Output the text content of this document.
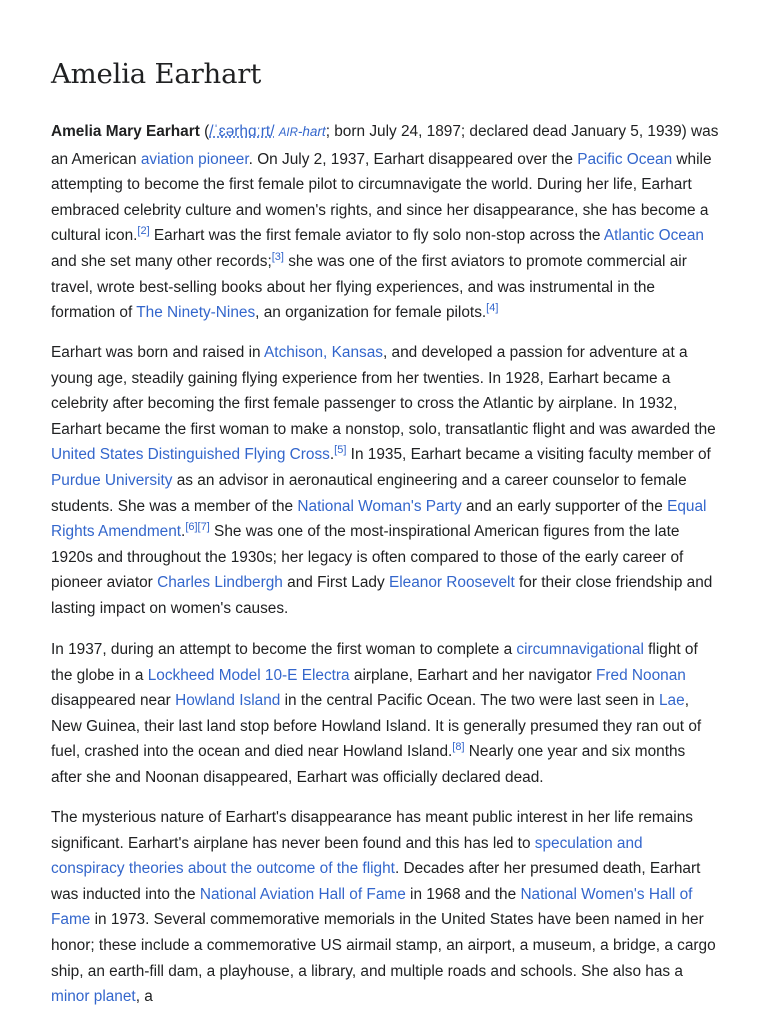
Amelia Earhart

Amelia Mary Earhart (/ˈɛərhɑːrt/ AIR-hart; born July 24, 1897; declared dead January 5, 1939) was an American aviation pioneer. On July 2, 1937, Earhart disappeared over the Pacific Ocean while attempting to become the first female pilot to circumnavigate the world. During her life, Earhart embraced celebrity culture and women's rights, and since her disappearance, she has become a cultural icon.[2] Earhart was the first female aviator to fly solo non-stop across the Atlantic Ocean and she set many other records;[3] she was one of the first aviators to promote commercial air travel, wrote best-selling books about her flying experiences, and was instrumental in the formation of The Ninety-Nines, an organization for female pilots.[4]

Earhart was born and raised in Atchison, Kansas, and developed a passion for adventure at a young age, steadily gaining flying experience from her twenties. In 1928, Earhart became a celebrity after becoming the first female passenger to cross the Atlantic by airplane. In 1932, Earhart became the first woman to make a nonstop, solo, transatlantic flight and was awarded the United States Distinguished Flying Cross.[5] In 1935, Earhart became a visiting faculty member of Purdue University as an advisor in aeronautical engineering and a career counselor to female students. She was a member of the National Woman's Party and an early supporter of the Equal Rights Amendment.[6][7] She was one of the most-inspirational American figures from the late 1920s and throughout the 1930s; her legacy is often compared to those of the early career of pioneer aviator Charles Lindbergh and First Lady Eleanor Roosevelt for their close friendship and lasting impact on women's causes.

In 1937, during an attempt to become the first woman to complete a circumnavigational flight of the globe in a Lockheed Model 10-E Electra airplane, Earhart and her navigator Fred Noonan disappeared near Howland Island in the central Pacific Ocean. The two were last seen in Lae, New Guinea, their last land stop before Howland Island. It is generally presumed they ran out of fuel, crashed into the ocean and died near Howland Island.[8] Nearly one year and six months after she and Noonan disappeared, Earhart was officially declared dead.

The mysterious nature of Earhart's disappearance has meant public interest in her life remains significant. Earhart's airplane has never been found and this has led to speculation and conspiracy theories about the outcome of the flight. Decades after her presumed death, Earhart was inducted into the National Aviation Hall of Fame in 1968 and the National Women's Hall of Fame in 1973. Several commemorative memorials in the United States have been named in her honor; these include a commemorative US airmail stamp, an airport, a museum, a bridge, a cargo ship, an earth-fill dam, a playhouse, a library, and multiple roads and schools. She also has a minor planet, a
